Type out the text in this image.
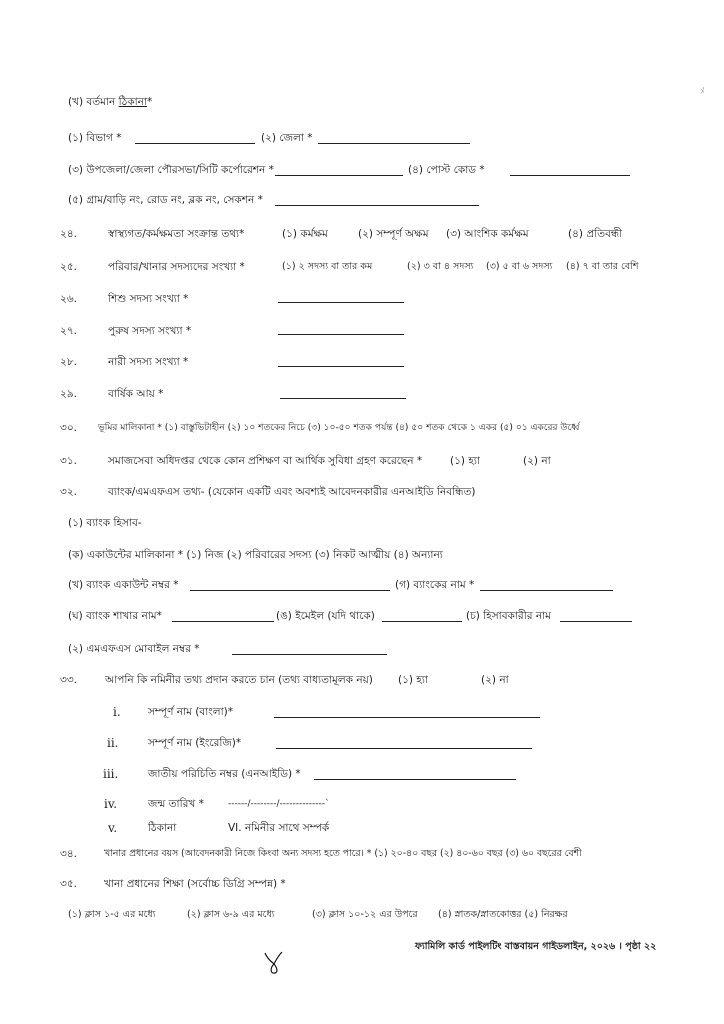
ﾒ
(খ) বর্তমান ঠিকানা*
(১) বিভাগ *	(২) জেলা *
(৩) উপজেলা/জেলা পৌরসভা/সিটি কর্পোরেশন *	(৪) পোস্ট কোড *
(৫) গ্রাম/বাড়ি নং, রোড নং, ব্লক নং, সেকশন *
২৪.	স্বাস্থ্যগত/কর্মক্ষমতা সংক্রান্ত তথ্য*	(১) কর্মক্ষম	(২) সম্পূর্ণ অক্ষম (৩) আংশিক কর্মক্ষম	(৪) প্রতিবন্ধী
২৫.	পরিবার/খানার সদস্যদের সংখ্যা *	(১) ২ সদস্য বা তার কম	(২) ৩ বা ৪ সদস্য (৩) ৫ বা ৬ সদস্য (৪) ৭ বা তার বেশি
২৬.	শিশু সদস্য সংখ্যা *
২৭.	পুরুষ সদস্য সংখ্যা *
২৮.	নারী সদস্য সংখ্যা *
২৯.	বার্ষিক আয় *
৩০. ভূমির মালিকানা * (১) বাস্তুভিটাহীন (২) ১০ শতকের নিচে (৩) ১০-৫০ শতক পর্যন্ত (৪) ৫০ শতক থেকে ১ একর (৫) ০১ একরের উর্ধ্বে
৩১.	সমাজসেবা অধিদপ্তর থেকে কোন প্রশিক্ষণ বা আর্থিক সুবিধা গ্রহণ করেছেন *	(১) হ্যা	(২) না
৩২.	ব্যাংক/এমএফএস তথ্য- (যেকোন একটি এবং অবশ্যই আবেদনকারীর এনআইডি নিবন্ধিত)
(১) ব্যাংক হিসাব-
(ক) একাউন্টের মালিকানা * (১) নিজ (২) পরিবারের সদস্য (৩) নিকট আত্মীয় (৪) অন্যান্য
(খ) ব্যাংক একাউন্ট নম্বর *	(গ) ব্যাংকের নাম *
(ঘ) ব্যাংক শাখার নাম*	(ঙ) ইমেইল (যদি থাকে)	(চ) হিসাবকারীর নাম
(২) এমএফএস মোবাইল নম্বর *
৩৩.	আপনি কি নমিনীর তথ্য প্রদান করতে চান (তথ্য বাধ্যতামূলক নয়) (১) হ্যা	(২) না
i.	সম্পূর্ণ নাম (বাংলা)*
ii.	সম্পূর্ণ নাম (ইংরেজি)*
iii.	জাতীয় পরিচিতি নম্বর (এনআইডি) *
iv.	জন্ম তারিখ *	------/--------/--------------`
v.	ঠিকানা	VI. নমিনীর সাথে সম্পর্ক
৩৪.	খানার প্রধানের বয়স (আবেদনকারী নিজে কিংবা অন্য সদস্য হতে পারে। * (১) ২০-৪০ বছর (২) ৪০-৬০ বছর (৩) ৬০ বছরের বেশী
৩৫.	খানা প্রধানের শিক্ষা (সর্বোচ্চ ডিগ্রি সম্পন্ন) *
(১) ক্লাস ১-৫ এর মধ্যে	(২) ক্লাস ৬-৯ এর মধ্যে	(৩) ক্লাস ১০-১২ এর উপরে (৪) স্নাতক/স্নাতকোত্তর (৫) নিরক্ষর
ফ্যামিলি কার্ড পাইলটিং বাস্তবায়ন গাইডলাইন, ২০২৬ । পৃষ্ঠা ২২
